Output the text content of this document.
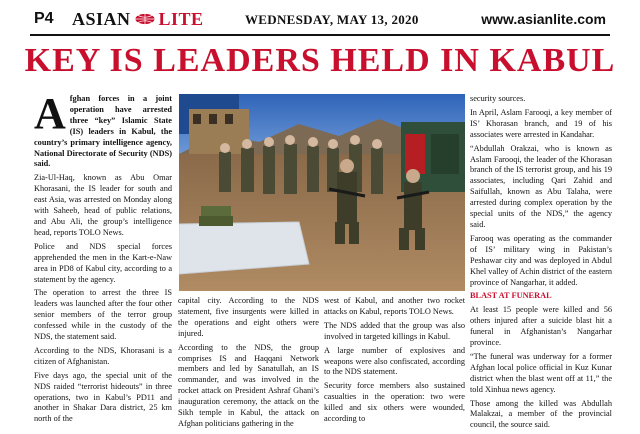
P4 ASIAN LITE	WEDNESDAY, MAY 13, 2020	www.asianlite.com
KEY IS LEADERS HELD IN KABUL

A fghan forces in a joint operation have arrested three “key” Islamic State (IS) leaders in Kabul, the country’s primary intelligence agency, National Directorate of Security (NDS) said.

Zia-Ul-Haq, known as Abu Omar Khorasani, the IS leader for south and east Asia, was arrested on Monday along with Saheeb, head of public relations, and Abu Ali, the group’s intelligence head, reports TOLO News.

Police and NDS special forces apprehended the men in the Kart-e-Naw area in PD8 of Kabul city, according to a statement by the agency.

The operation to arrest the three IS leaders was launched after the four other senior members of the terror group confessed while in the custody of the NDS, the statement said.

According to the NDS, Khorasani is a citizen of Afghanistan.

Five days ago, the special unit of the NDS raided “terrorist hideouts” in three operations, two in Kabul’s PD11 and another in Shakar Dara district, 25 km north of the

capital city. According to the NDS statement, five insurgents were killed in the operations and eight others were injured.

According to the NDS, the group comprises IS and Haqqani Network members and led by Sanatullah, an IS commander, and was involved in the rocket attack on President Ashraf Ghani’s inauguration ceremony, the attack on the Sikh temple in Kabul, the attack on Afghan politicians gathering in the

west of Kabul, and another two rocket attacks on Kabul, reports TOLO News.

The NDS added that the group was also involved in targeted killings in Kabul.

A large number of explosives and weapons were also confiscated, according to the NDS statement.

Security force members also sustained casualties in the operation: two were killed and six others were wounded, according to

security sources.

In April, Aslam Farooqi, a key member of IS’ Khorasan branch, and 19 of his associates were arrested in Kandahar.

“Abdullah Orakzai, who is known as Aslam Farooqi, the leader of the Khorasan branch of the IS terrorist group, and his 19 associates, including Qari Zahid and Saifullah, known as Abu Talaha, were arrested during complex operation by the special units of the NDS,” the agency said.

Farooq was operating as the commander of IS’ military wing in Pakistan’s Peshawar city and was deployed in Abdul Khel valley of Achin district of the eastern province of Nangarhar, it added.

BLAST AT FUNERAL

At least 15 people were killed and 56 others injured after a suicide blast hit a funeral in Afghanistan’s Nangarhar province.

“The funeral was underway for a former Afghan local police official in Kuz Kunar district when the blast went off at 11,” the told Xinhua news agency.

Those among the killed was Abdullah Malakzai, a member of the provincial council, the source said.
